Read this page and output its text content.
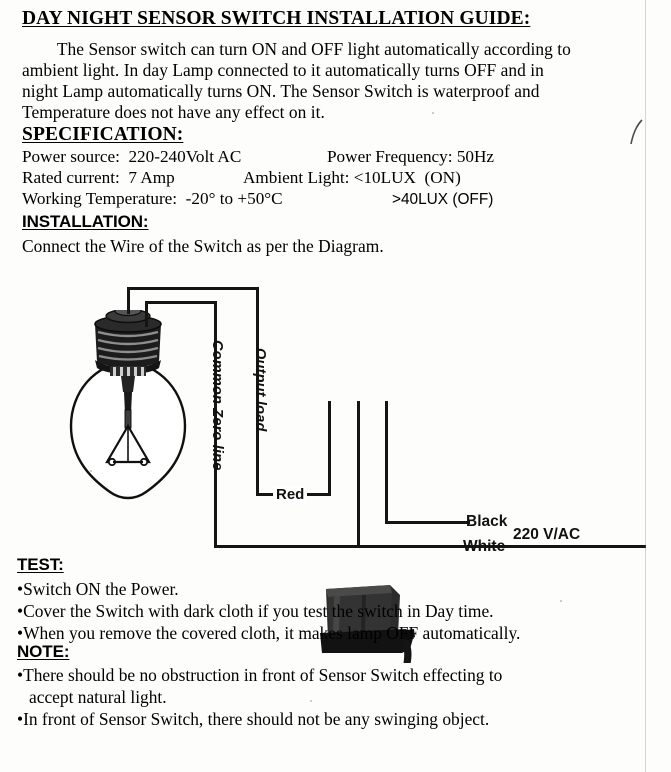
DAY NIGHT SENSOR SWITCH INSTALLATION GUIDE:
The Sensor switch can turn ON and OFF light automatically according to
ambient light. In day Lamp connected to it automatically turns OFF and in
night Lamp automatically turns ON. The Sensor Switch is waterproof and
Temperature does not have any effect on it.
SPECIFICATION:
Power source:  220-240Volt AC	Power Frequency: 50Hz
Rated current:  7 Amp	Ambient Light: <10LUX  (ON)
Working Temperature:  -20° to +50°C	>40LUX (OFF)
INSTALLATION:
Connect the Wire of the Switch as per the Diagram.
Common Zero line Output load
Red
Black
White
220 V/AC
TEST:
•Switch ON the Power.
•Cover the Switch with dark cloth if you test the switch in Day time.
•When you remove the covered cloth, it makes lamp OFF automatically.
NOTE:
•There should be no obstruction in front of Sensor Switch effecting to
accept natural light.
•In front of Sensor Switch, there should not be any swinging object.
